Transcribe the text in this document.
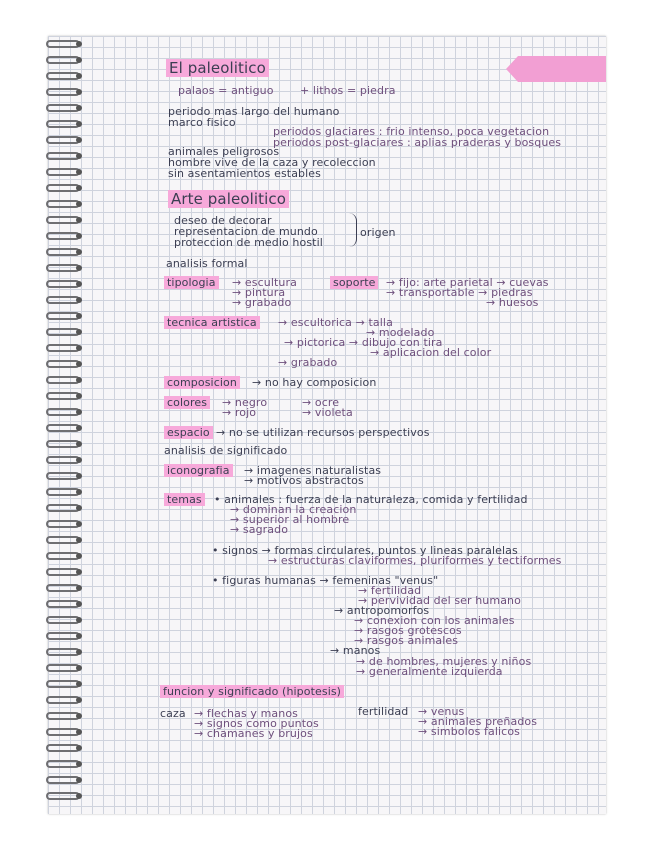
El paleolitico
palaos = antiguo + lithos = piedra
periodo mas largo del humano
marco fisico
periodos glaciares : frio intenso, poca vegetacion
periodos post-glaciares : aplias praderas y bosques
animales peligrosos
hombre vive de la caza y recoleccion
sin asentamientos estables
Arte paleolitico
deseo de decorar
representacion de mundo
proteccion de medio hostil
origen
analisis formal
tipologia → escultura
→ pintura
→ grabado
soporte → fijo: arte parietal → cuevas
→ transportable → piedras
→ huesos
tecnica artistica → escultorica → talla
→ modelado
→ pictorica → dibujo con tira
→ aplicacion del color
→ grabado
composicion → no hay composicion
colores → negro
→ rojo
→ ocre
→ violeta
espacio → no se utilizan recursos perspectivos
analisis de significado
iconografia → imagenes naturalistas
→ motivos abstractos
temas • animales : fuerza de la naturaleza, comida y fertilidad
→ dominan la creacion
→ superior al hombre
→ sagrado
• signos → formas circulares, puntos y lineas paralelas
→ estructuras claviformes, pluriformes y tectiformes
• figuras humanas → femeninas "venus"
→ fertilidad
→ pervividad del ser humano
→ antropomorfos
→ conexion con los animales
→ rasgos grotescos
→ rasgos animales
→ manos
→ de hombres, mujeres y niños
→ generalmente izquierda
funcion y significado (hipotesis)
caza → flechas y manos
→ signos como puntos
→ chamanes y brujos
fertilidad → venus
→ animales preñados
→ simbolos falicos
